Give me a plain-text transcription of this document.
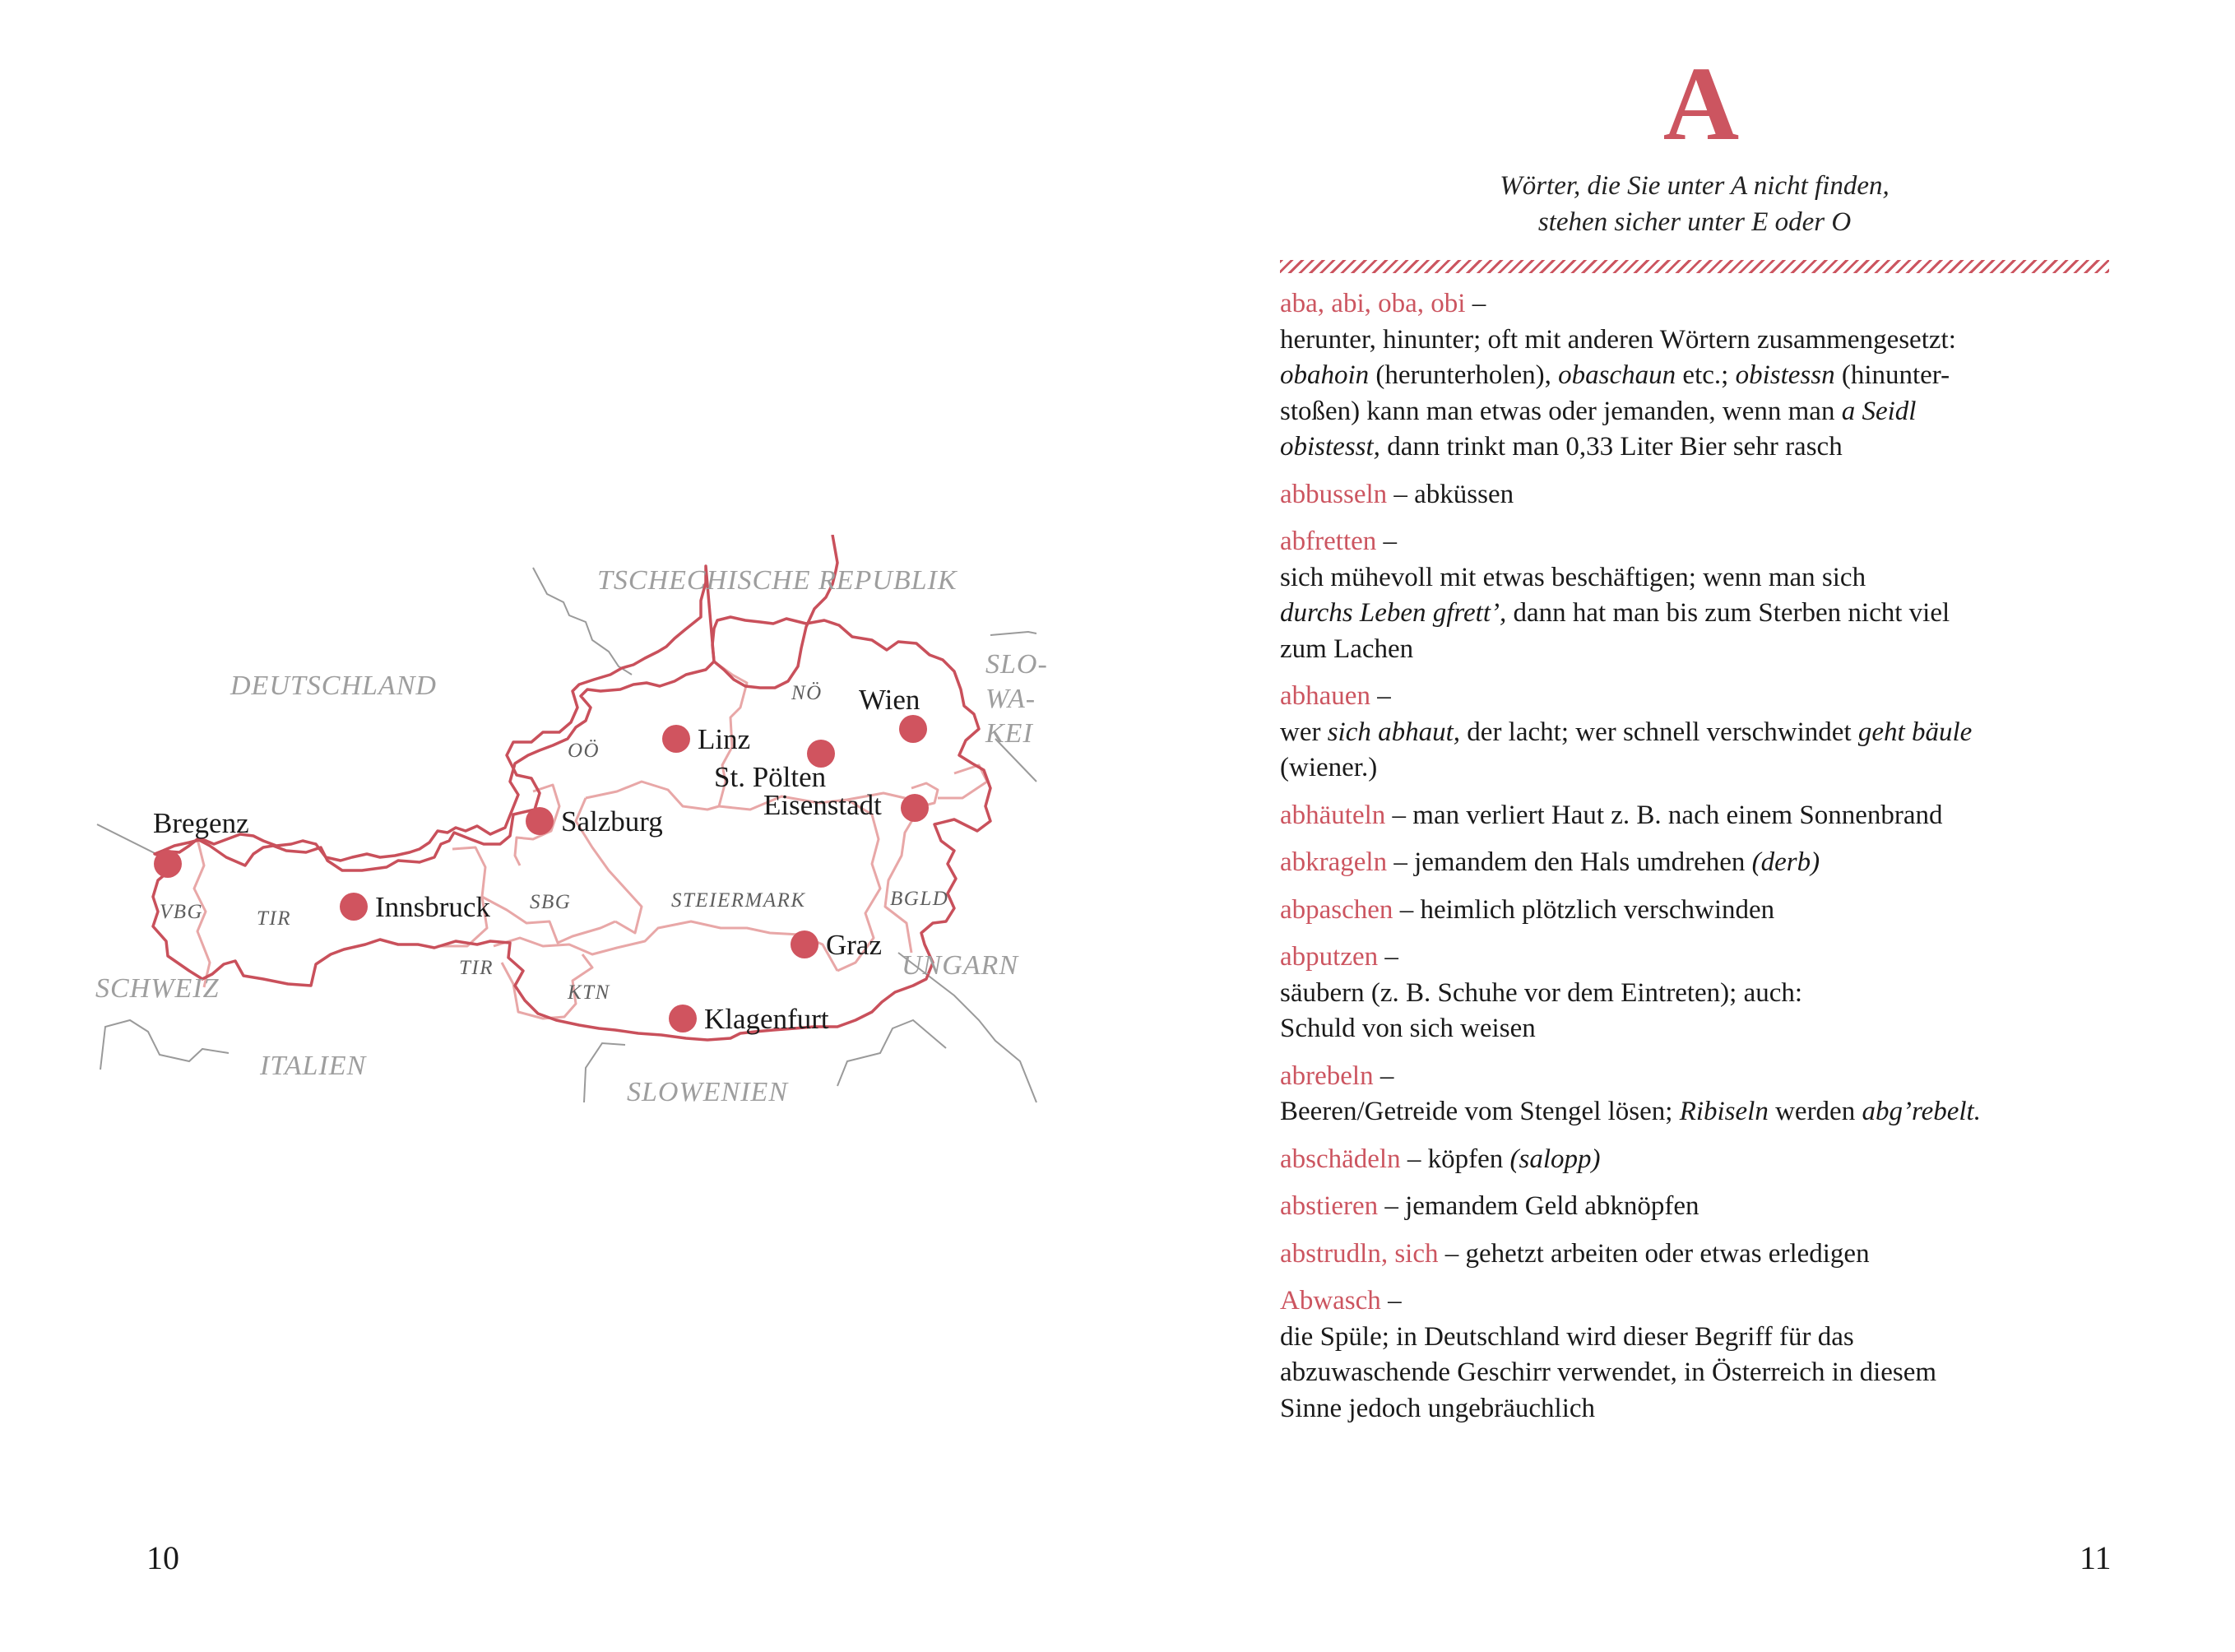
DEUTSCHLAND
TSCHECHISCHE REPUBLIK
SLO-
WA-
KEI
SCHWEIZ
ITALIEN
SLOWENIEN
UNGARN
OÖ
NÖ
VBG	TIR
SBG	STEIERMARK	BGLD
TIR
KTN
Bregenz
Innsbruck
Salzburg
Linz
St. Pölten
Wien
Eisenstadt
Graz
Klagenfurt
10
A
Wörter, die Sie unter A nicht finden,
stehen sicher unter E oder O
aba, abi, oba, obi –
herunter, hinunter; oft mit anderen Wörtern zusammengesetzt:
obahoin (herunterholen), obaschaun etc.; obistessn (hinunter-
stoßen) kann man etwas oder jemanden, wenn man a Seidl
obistesst, dann trinkt man 0,33 Liter Bier sehr rasch
abbusseln – abküssen
abfretten –
sich mühevoll mit etwas beschäftigen; wenn man sich
durchs Leben gfrett’, dann hat man bis zum Sterben nicht viel
zum Lachen
abhauen –
wer sich abhaut, der lacht; wer schnell verschwindet geht bäule
(wiener.)
abhäuteln – man verliert Haut z. B. nach einem Sonnenbrand
abkrageln – jemandem den Hals umdrehen (derb)
abpaschen – heimlich plötzlich verschwinden
abputzen –
säubern (z. B. Schuhe vor dem Eintreten); auch:
Schuld von sich weisen
abrebeln –
Beeren/Getreide vom Stengel lösen; Ribiseln werden abg’rebelt.
abschädeln – köpfen (salopp)
abstieren – jemandem Geld abknöpfen
abstrudln, sich – gehetzt arbeiten oder etwas erledigen
Abwasch –
die Spüle; in Deutschland wird dieser Begriff für das
abzuwaschende Geschirr verwendet, in Österreich in diesem
Sinne jedoch ungebräuchlich
11
